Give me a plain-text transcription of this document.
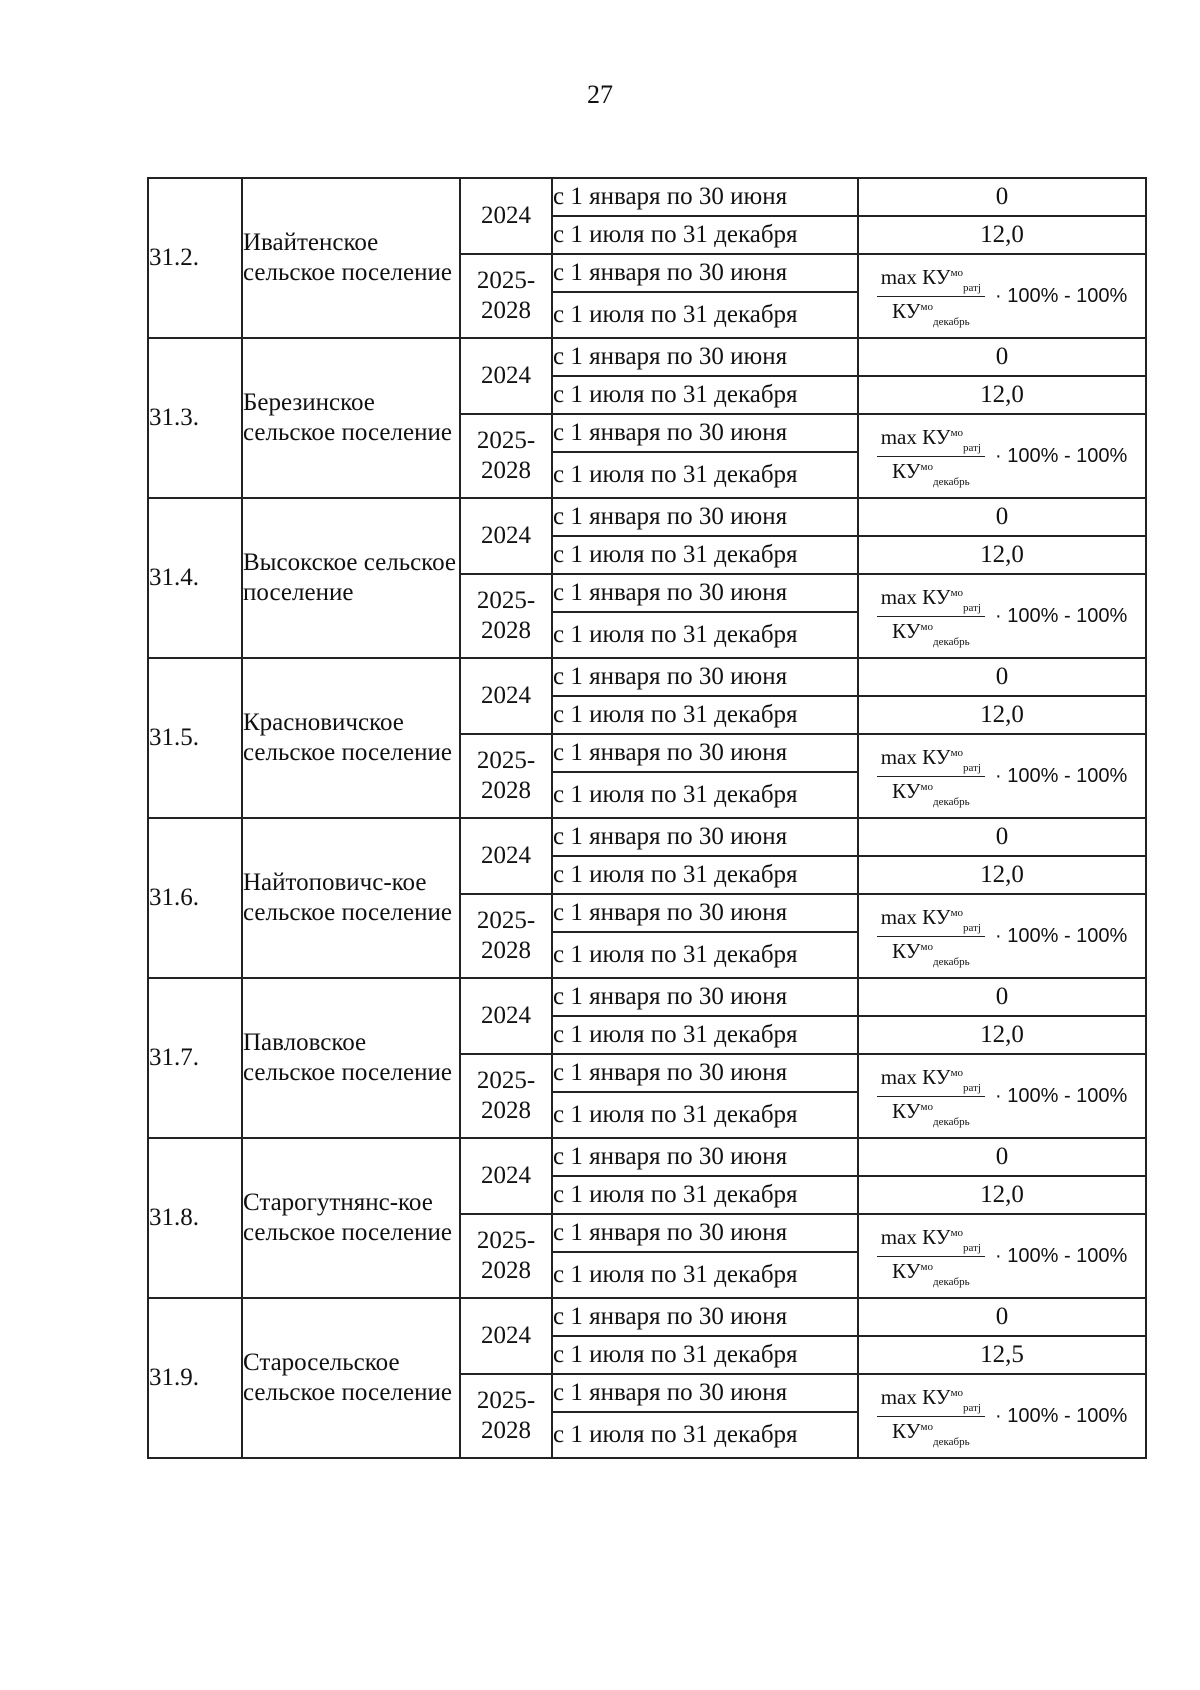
27
31.2.	Ивайтенское сельское поселение	2024	с 1 января по 30 июня	0
			с 1 июля по 31 декабря	12,0
		2025-2028	с 1 января по 30 июня	$\frac{\max КУ^{мо}_{ратj}}{КУ^{мо}_{декабрь}} \cdot 100\% - 100\%$

			с 1 июля по 31 декабря	
31.3.	Березинское сельское поселение	2024	с 1 января по 30 июня	0
			с 1 июля по 31 декабря	12,0
		2025-2028	с 1 января по 30 июня	$\frac{\max КУ^{мо}_{ратj}}{КУ^{мо}_{декабрь}} \cdot 100\% - 100\%$

			с 1 июля по 31 декабря	
31.4.	Высокское сельское поселение	2024	с 1 января по 30 июня	0
			с 1 июля по 31 декабря	12,0
		2025-2028	с 1 января по 30 июня	$\frac{\max КУ^{мо}_{ратj}}{КУ^{мо}_{декабрь}} \cdot 100\% - 100\%$

			с 1 июля по 31 декабря	
31.5.	Красновичское сельское поселение	2024	с 1 января по 30 июня	0
			с 1 июля по 31 декабря	12,0
		2025-2028	с 1 января по 30 июня	$\frac{\max КУ^{мо}_{ратj}}{КУ^{мо}_{декабрь}} \cdot 100\% - 100\%$

			с 1 июля по 31 декабря	
31.6.	Найтоповичс-кое сельское поселение	2024	с 1 января по 30 июня	0
			с 1 июля по 31 декабря	12,0
		2025-2028	с 1 января по 30 июня	$\frac{\max КУ^{мо}_{ратj}}{КУ^{мо}_{декабрь}} \cdot 100\% - 100\%$

			с 1 июля по 31 декабря	
31.7.	Павловское сельское поселение	2024	с 1 января по 30 июня	0
			с 1 июля по 31 декабря	12,0
		2025-2028	с 1 января по 30 июня	$\frac{\max КУ^{мо}_{ратj}}{КУ^{мо}_{декабрь}} \cdot 100\% - 100\%$

			с 1 июля по 31 декабря	
31.8.	Старогутнянс-кое сельское поселение	2024	с 1 января по 30 июня	0
			с 1 июля по 31 декабря	12,0
		2025-2028	с 1 января по 30 июня	$\frac{\max КУ^{мо}_{ратj}}{КУ^{мо}_{декабрь}} \cdot 100\% - 100\%$

			с 1 июля по 31 декабря	
31.9.	Старосельское сельское поселение	2024	с 1 января по 30 июня	0
			с 1 июля по 31 декабря	12,5
		2025-2028	с 1 января по 30 июня	$\frac{\max КУ^{мо}_{ратj}}{КУ^{мо}_{декабрь}} \cdot 100\% - 100\%$

			с 1 июля по 31 декабря	
